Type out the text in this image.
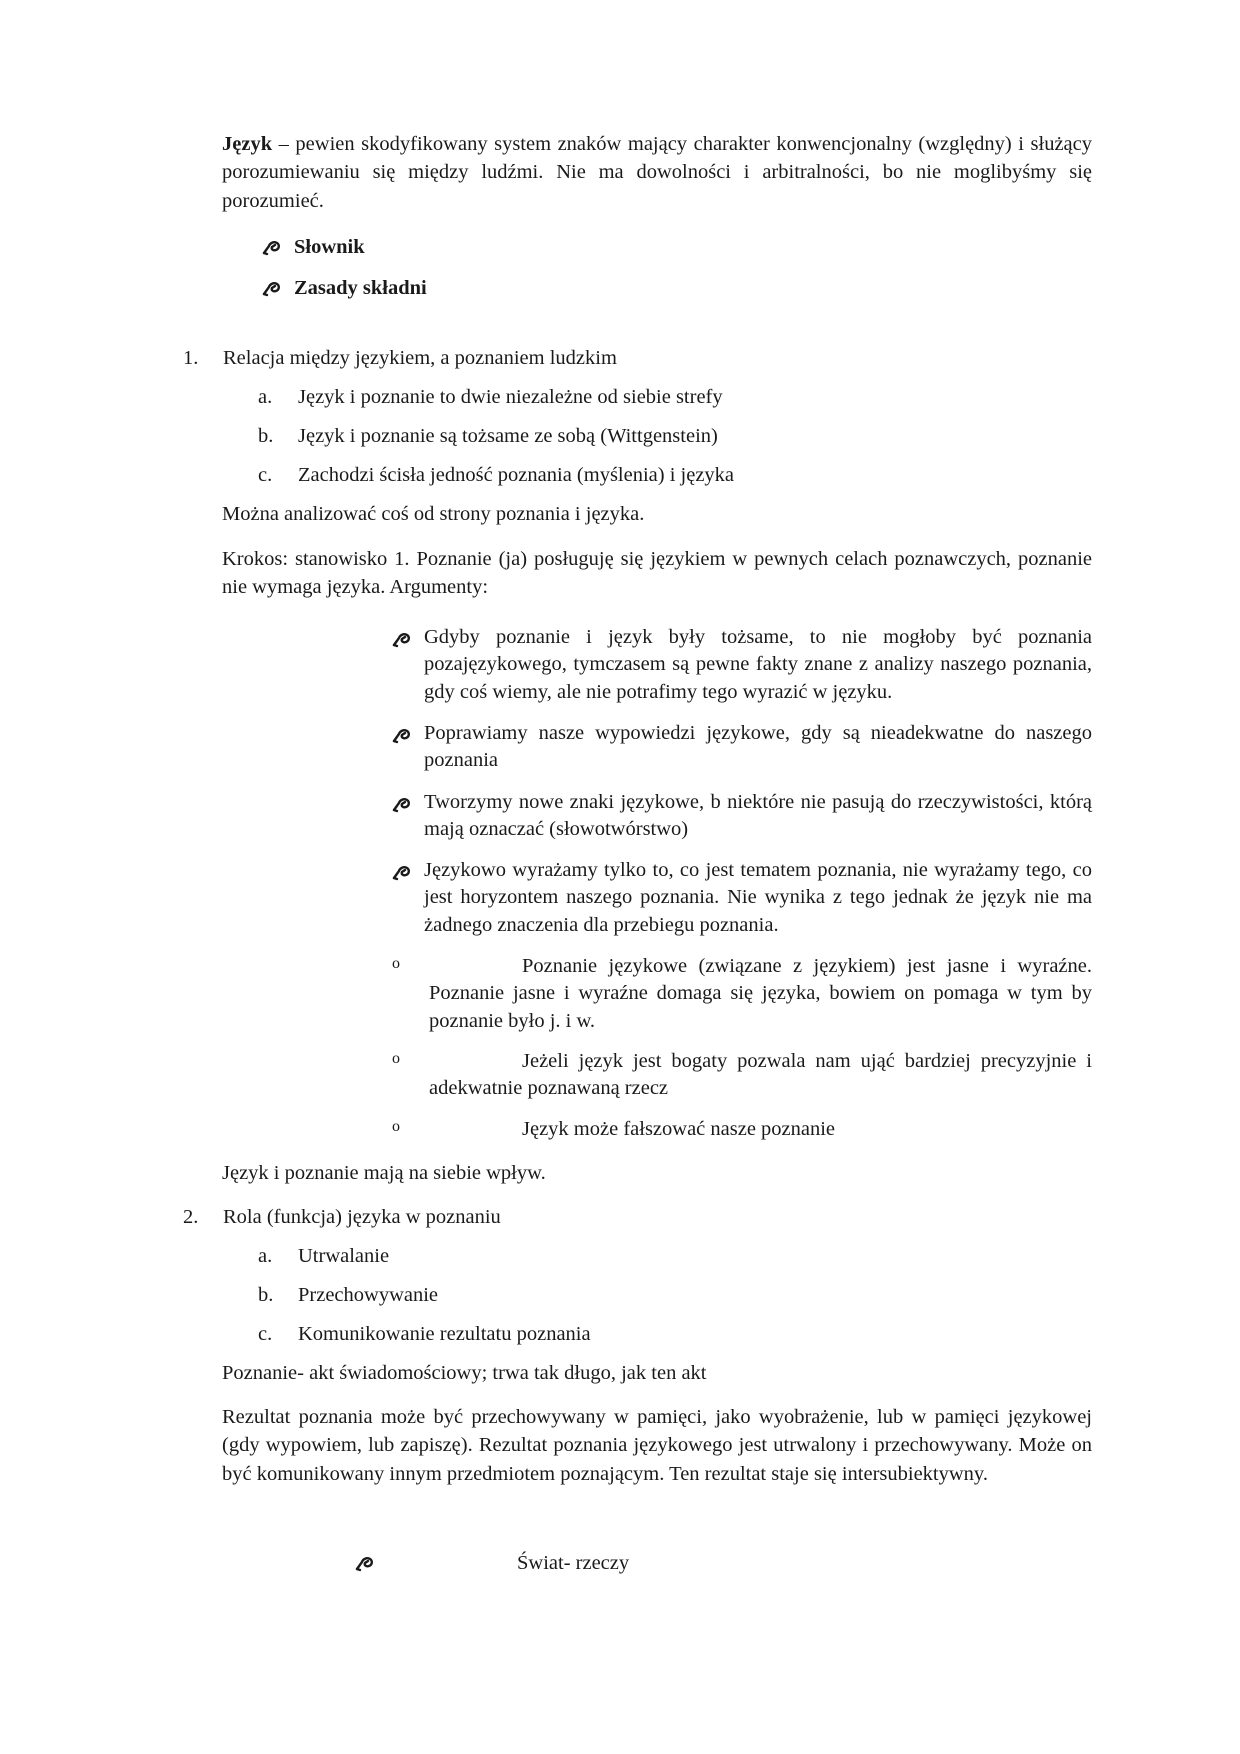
Język – pewien skodyfikowany system znaków mający charakter konwencjonalny (względny) i służący porozumiewaniu się między ludźmi. Nie ma dowolności i arbitralności, bo nie moglibyśmy się porozumieć.

Słownik
Zasady składni
1.	Relacja między językiem, a poznaniem ludzkim
a.	Język i poznanie to dwie niezależne od siebie strefy
b.	Język i poznanie są tożsame ze sobą (Wittgenstein)
c.	Zachodzi ścisła jedność poznania (myślenia) i języka

Można analizować coś od strony poznania i języka.

Krokos: stanowisko 1. Poznanie (ja) posługuję się językiem w pewnych celach poznawczych, poznanie nie wymaga języka. Argumenty:

Gdyby poznanie i język były tożsame, to nie mogłoby być poznania pozajęzykowego, tymczasem są pewne fakty znane z analizy naszego poznania, gdy coś wiemy, ale nie potrafimy tego wyrazić w języku.
Poprawiamy nasze wypowiedzi językowe, gdy są nieadekwatne do naszego poznania
Tworzymy nowe znaki językowe, b niektóre nie pasują do rzeczywistości, którą mają oznaczać (słowotwórstwo)
Językowo wyrażamy tylko to, co jest tematem poznania, nie wyrażamy tego, co jest horyzontem naszego poznania. Nie wynika z tego jednak że język nie ma żadnego znaczenia dla przebiegu poznania.
o	Poznanie językowe (związane z językiem) jest jasne i wyraźne. Poznanie jasne i wyraźne domaga się języka, bowiem on pomaga w tym by poznanie było j. i w.
o	Jeżeli język jest bogaty pozwala nam ująć bardziej precyzyjnie i adekwatnie poznawaną rzecz
o	Język może fałszować nasze poznanie

Język i poznanie mają na siebie wpływ.

2.	Rola (funkcja) języka w poznaniu
a.	Utrwalanie
b.	Przechowywanie
c.	Komunikowanie rezultatu poznania

Poznanie- akt świadomościowy; trwa tak długo, jak ten akt

Rezultat poznania może być przechowywany w pamięci, jako wyobrażenie, lub w pamięci językowej (gdy wypowiem, lub zapiszę). Rezultat poznania językowego jest utrwalony i przechowywany. Może on być komunikowany innym przedmiotem poznającym. Ten rezultat staje się intersubiektywny.

Świat- rzeczy
